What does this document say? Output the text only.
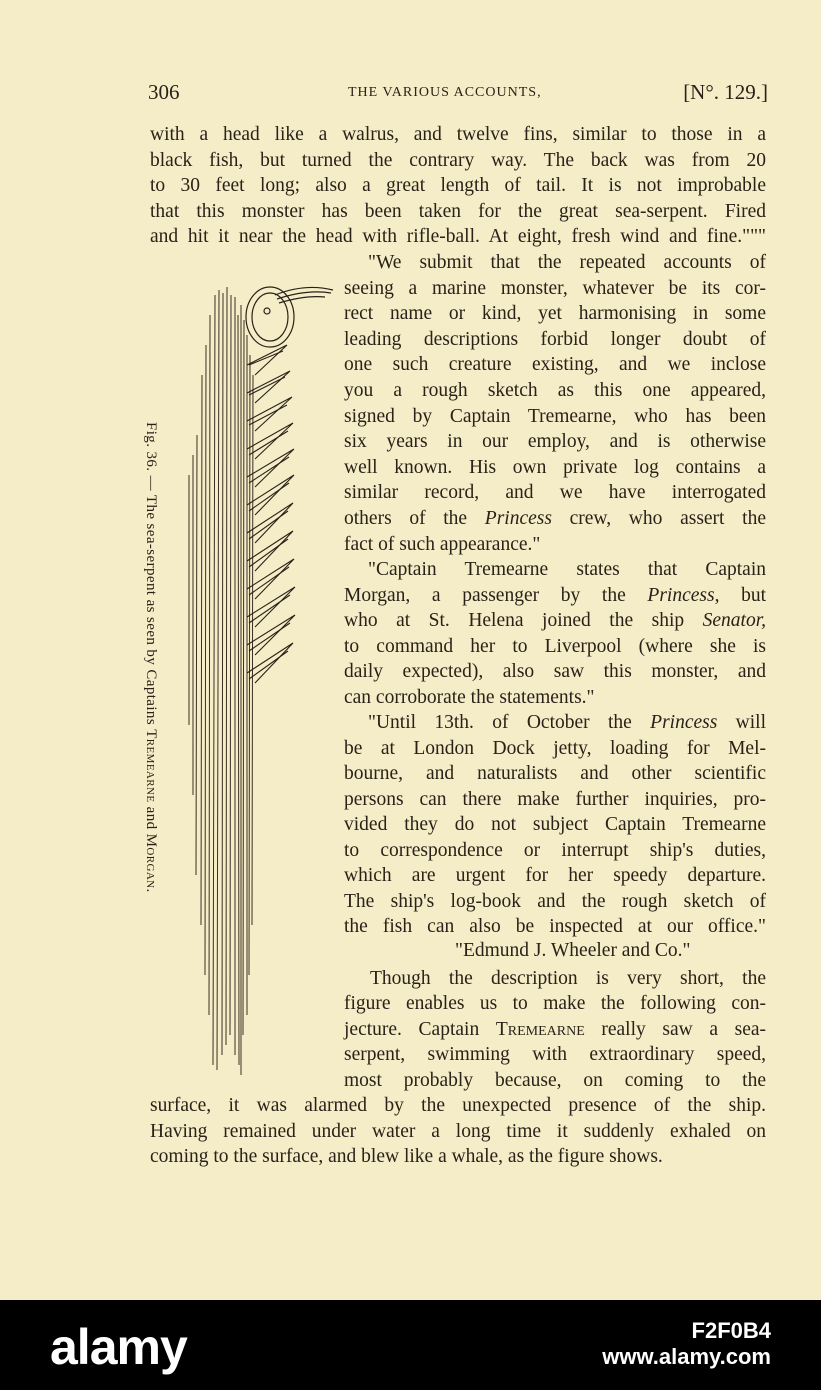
306	THE VARIOUS ACCOUNTS,	[N°. 129.]
with a head like a walrus, and twelve fins, similar to those in a
black fish, but turned the contrary way. The back was from 20
to 30 feet long; also a great length of tail. It is not improbable
that this monster has been taken for the great sea-serpent. Fired
and hit it near the head with rifle-ball. At eight, fresh wind and fine."""
"We submit that the repeated accounts of
seeing a marine monster, whatever be its cor-
rect name or kind, yet harmonising in some
leading descriptions forbid longer doubt of
one such creature existing, and we inclose
you a rough sketch as this one appeared,
signed by Captain Tremearne, who has been
six years in our employ, and is otherwise
well known. His own private log contains a
similar record, and we have interrogated
others of the Princess crew, who assert the
fact of such appearance."
"Captain Tremearne states that Captain
Morgan, a passenger by the Princess, but
who at St. Helena joined the ship Senator,
to command her to Liverpool (where she is
daily expected), also saw this monster, and
can corroborate the statements."
"Until 13th. of October the Princess will
be at London Dock jetty, loading for Mel-
bourne, and naturalists and other scientific
persons can there make further inquiries, pro-
vided they do not subject Captain Tremearne
to correspondence or interrupt ship's duties,
which are urgent for her speedy departure.
The ship's log-book and the rough sketch of
the fish can also be inspected at our office."
"Edmund J. Wheeler and Co."
Though the description is very short, the
figure enables us to make the following con-
jecture. Captain Tremearne really saw a sea-
serpent, swimming with extraordinary speed,
most probably because, on coming to the
surface, it was alarmed by the unexpected presence of the ship.
Having remained under water a long time it suddenly exhaled on
coming to the surface, and blew like a whale, as the figure shows.
Fig. 36. — The sea-serpent as seen by Captains Tremearne and Morgan.
alamy	F2F0B4
www.alamy.com
